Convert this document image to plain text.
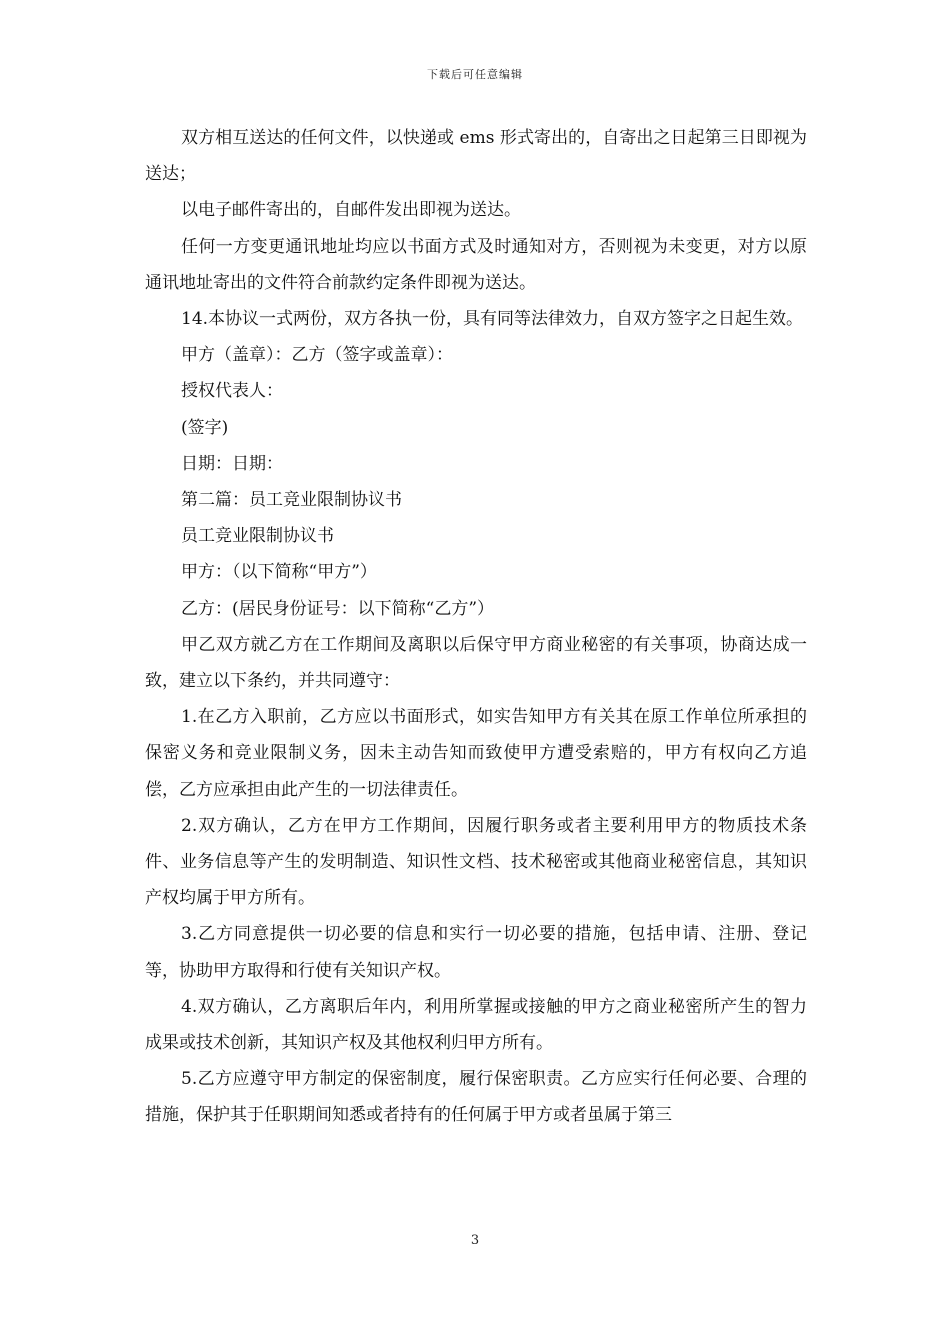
下载后可任意编辑

双方相互送达的任何文件，以快递或 ems 形式寄出的，自寄出之日起第三日即视为送达；

以电子邮件寄出的，自邮件发出即视为送达。

任何一方变更通讯地址均应以书面方式及时通知对方，否则视为未变更，对方以原通讯地址寄出的文件符合前款约定条件即视为送达。

14.本协议一式两份，双方各执一份，具有同等法律效力，自双方签字之日起生效。

甲方（盖章）：乙方（签字或盖章）：

授权代表人：

(签字)

日期：日期：

第二篇：员工竞业限制协议书

员工竞业限制协议书

甲方：（以下简称“甲方”）

乙方：(居民身份证号：以下简称“乙方”）

甲乙双方就乙方在工作期间及离职以后保守甲方商业秘密的有关事项，协商达成一致，建立以下条约，并共同遵守：

1.在乙方入职前，乙方应以书面形式，如实告知甲方有关其在原工作单位所承担的保密义务和竞业限制义务，因未主动告知而致使甲方遭受索赔的，甲方有权向乙方追偿，乙方应承担由此产生的一切法律责任。

2.双方确认，乙方在甲方工作期间，因履行职务或者主要利用甲方的物质技术条件、业务信息等产生的发明制造、知识性文档、技术秘密或其他商业秘密信息，其知识产权均属于甲方所有。

3.乙方同意提供一切必要的信息和实行一切必要的措施，包括申请、注册、登记等，协助甲方取得和行使有关知识产权。

4.双方确认，乙方离职后年内，利用所掌握或接触的甲方之商业秘密所产生的智力成果或技术创新，其知识产权及其他权利归甲方所有。

5.乙方应遵守甲方制定的保密制度，履行保密职责。乙方应实行任何必要、合理的措施，保护其于任职期间知悉或者持有的任何属于甲方或者虽属于第三

3
